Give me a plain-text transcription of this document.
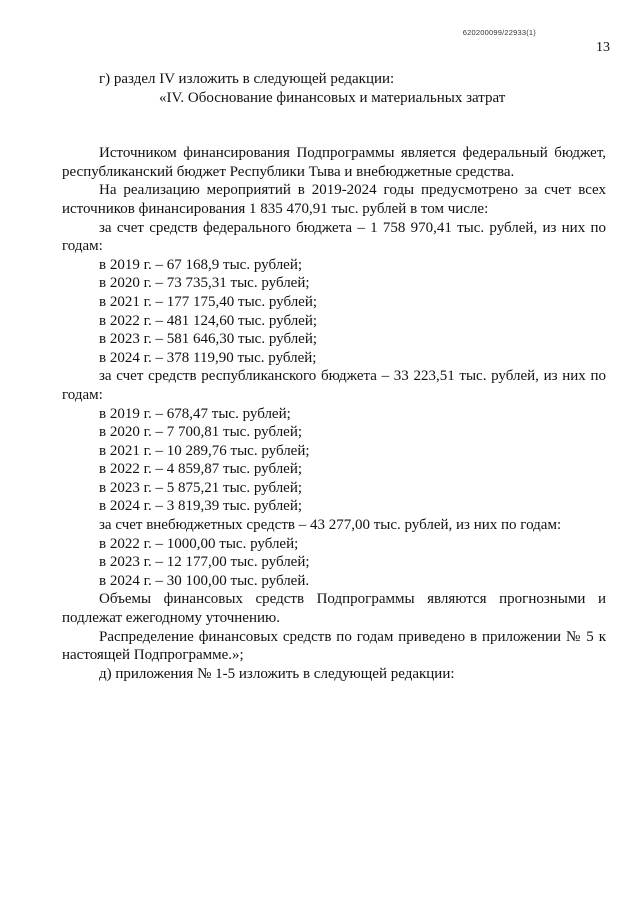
620200099/22933(1)
13

г) раздел IV изложить в следующей редакции:

«IV. Обоснование финансовых и материальных затрат

Источником финансирования Подпрограммы является федеральный бюджет, республиканский бюджет Республики Тыва и внебюджетные средства.

На реализацию мероприятий в 2019-2024 годы предусмотрено за счет всех источников финансирования 1 835 470,91 тыс. рублей в том числе:

за счет средств федерального бюджета – 1 758 970,41 тыс. рублей, из них по годам:

в 2019 г. – 67 168,9 тыс. рублей;

в 2020 г. – 73 735,31 тыс. рублей;

в 2021 г. – 177 175,40 тыс. рублей;

в 2022 г. – 481 124,60 тыс. рублей;

в 2023 г. – 581 646,30 тыс. рублей;

в 2024 г. – 378 119,90 тыс. рублей;

за счет средств республиканского бюджета – 33 223,51 тыс. рублей, из них по годам:

в 2019 г. – 678,47 тыс. рублей;

в 2020 г. – 7 700,81 тыс. рублей;

в 2021 г. – 10 289,76 тыс. рублей;

в 2022 г. – 4 859,87 тыс. рублей;

в 2023 г. – 5 875,21 тыс. рублей;

в 2024 г. – 3 819,39 тыс. рублей;

за счет внебюджетных средств – 43 277,00 тыс. рублей, из них по годам:

в 2022 г. – 1000,00 тыс. рублей;

в 2023 г. – 12 177,00 тыс. рублей;

в 2024 г. – 30 100,00 тыс. рублей.

Объемы финансовых средств Подпрограммы являются прогнозными и подлежат ежегодному уточнению.

Распределение финансовых средств по годам приведено в приложении № 5 к настоящей Подпрограмме.»;

д) приложения № 1-5 изложить в следующей редакции:
